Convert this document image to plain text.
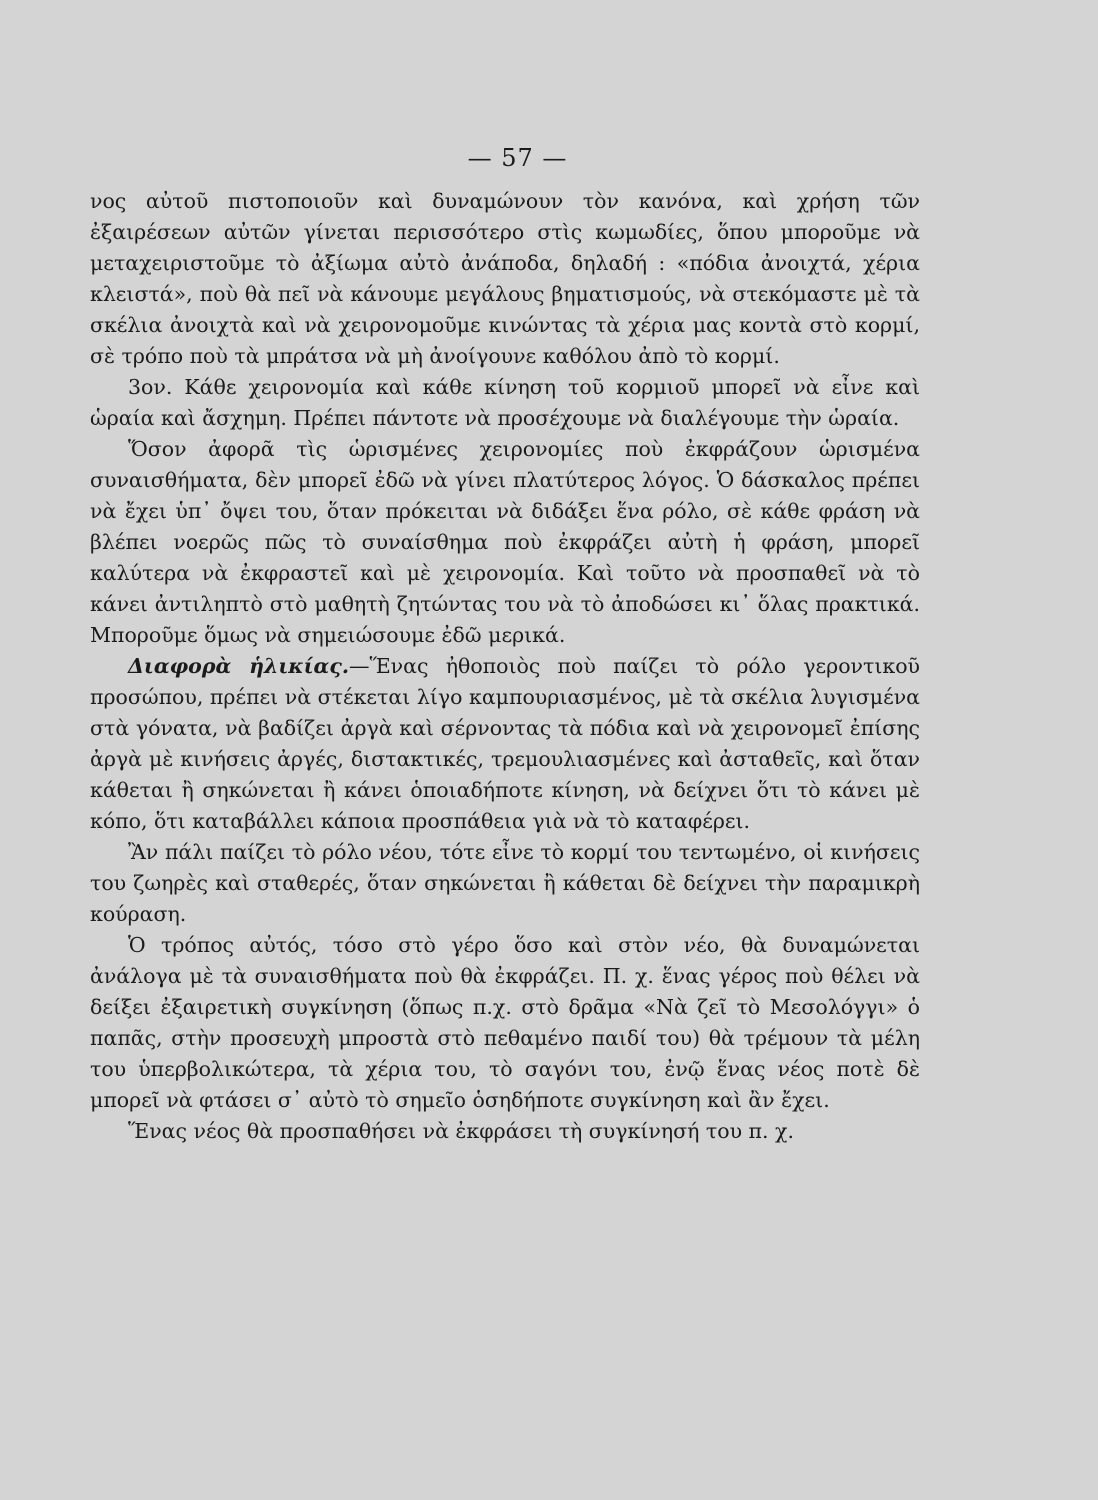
— 57 —

νος αὐτοῦ πιστοποιοῦν καὶ δυναμώνουν τὸν κανόνα, καὶ χρήση τῶν ἐξαιρέσεων αὐτῶν γίνεται περισσότερο στὶς κωμωδίες, ὅπου μποροῦμε νὰ μεταχειριστοῦμε τὸ ἀξίωμα αὐτὸ ἀνάποδα, δηλαδή : «πόδια ἀνοιχτά, χέρια κλειστά», ποὺ θὰ πεῖ νὰ κάνουμε μεγάλους βηματισμούς, νὰ στεκόμαστε μὲ τὰ σκέλια ἀνοιχτὰ καὶ νὰ χειρονομοῦμε κινώντας τὰ χέρια μας κοντὰ στὸ κορμί, σὲ τρόπο ποὺ τὰ μπράτσα νὰ μὴ ἀνοίγουνε καθόλου ἀπὸ τὸ κορμί.

3ον. Κάθε χειρονομία καὶ κάθε κίνηση τοῦ κορμιοῦ μπορεῖ νὰ εἶνε καὶ ὡραία καὶ ἄσχημη. Πρέπει πάντοτε νὰ προσέχουμε νὰ διαλέγουμε τὴν ὡραία.

Ὅσον ἀφορᾶ τὶς ὡρισμένες χειρονομίες ποὺ ἐκφράζουν ὡρισμένα συναισθήματα, δὲν μπορεῖ ἐδῶ νὰ γίνει πλατύτερος λόγος. Ὁ δάσκαλος πρέπει νὰ ἔχει ὑπ᾽ ὄψει του, ὅταν πρόκειται νὰ διδάξει ἕνα ρόλο, σὲ κάθε φράση νὰ βλέπει νοερῶς πῶς τὸ συναίσθημα ποὺ ἐκφράζει αὐτὴ ἡ φράση, μπορεῖ καλύτερα νὰ ἐκφραστεῖ καὶ μὲ χειρονομία. Καὶ τοῦτο νὰ προσπαθεῖ νὰ τὸ κάνει ἀντιληπτὸ στὸ μαθητὴ ζητώντας του νὰ τὸ ἀποδώσει κι᾽ ὅλας πρακτικά. Μποροῦμε ὅμως νὰ σημειώσουμε ἐδῶ μερικά.

Διαφορὰ ἡλικίας.—Ἕνας ἠθοποιὸς ποὺ παίζει τὸ ρόλο γεροντικοῦ προσώπου, πρέπει νὰ στέκεται λίγο καμπουριασμένος, μὲ τὰ σκέλια λυγισμένα στὰ γόνατα, νὰ βαδίζει ἀργὰ καὶ σέρνοντας τὰ πόδια καὶ νὰ χειρονομεῖ ἐπίσης ἀργὰ μὲ κινήσεις ἀργές, διστακτικές, τρεμουλιασμένες καὶ ἀσταθεῖς, καὶ ὅταν κάθεται ἢ σηκώνεται ἢ κάνει ὁποιαδήποτε κίνηση, νὰ δείχνει ὅτι τὸ κάνει μὲ κόπο, ὅτι καταβάλλει κάποια προσπάθεια γιὰ νὰ τὸ καταφέρει.

Ἂν πάλι παίζει τὸ ρόλο νέου, τότε εἶνε τὸ κορμί του τεντωμένο, οἱ κινήσεις του ζωηρὲς καὶ σταθερές, ὅταν σηκώνεται ἢ κάθεται δὲ δείχνει τὴν παραμικρὴ κούραση.

Ὁ τρόπος αὐτός, τόσο στὸ γέρο ὅσο καὶ στὸν νέο, θὰ δυναμώνεται ἀνάλογα μὲ τὰ συναισθήματα ποὺ θὰ ἐκφράζει. Π. χ. ἕνας γέρος ποὺ θέλει νὰ δείξει ἐξαιρετικὴ συγκίνηση (ὅπως π.χ. στὸ δρᾶμα «Νὰ ζεῖ τὸ Μεσολόγγι» ὁ παπᾶς, στὴν προσευχὴ μπροστὰ στὸ πεθαμένο παιδί του) θὰ τρέμουν τὰ μέλη του ὑπερβολικώτερα, τὰ χέρια του, τὸ σαγόνι του, ἐνῷ ἕνας νέος ποτὲ δὲ μπορεῖ νὰ φτάσει σ᾽ αὐτὸ τὸ σημεῖο ὁσηδήποτε συγκίνηση καὶ ἂν ἔχει.

Ἕνας νέος θὰ προσπαθήσει νὰ ἐκφράσει τὴ συγκίνησή του π. χ.
